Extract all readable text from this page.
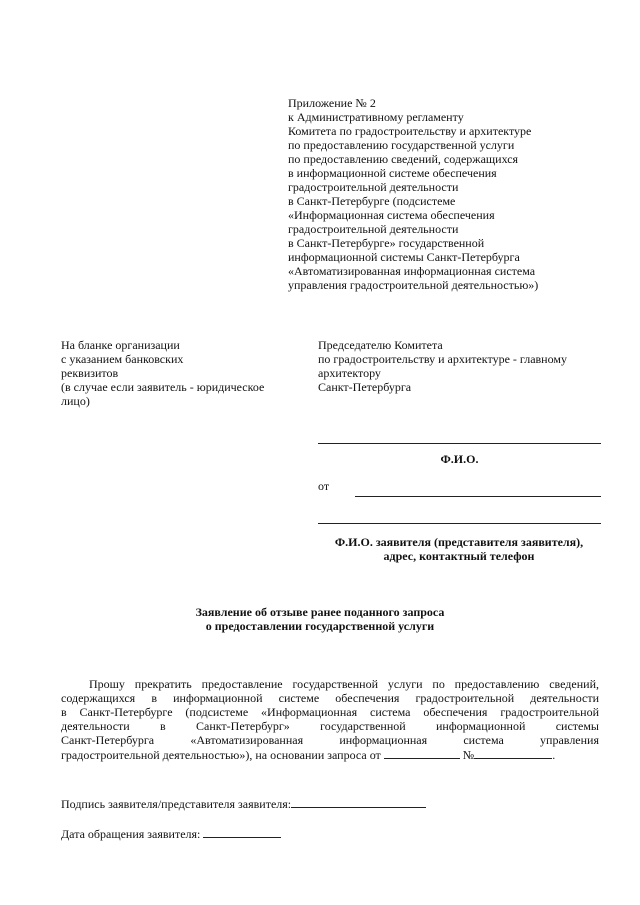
Приложение № 2
к Административному регламенту
Комитета по градостроительству и архитектуре
по предоставлению государственной услуги
по предоставлению сведений, содержащихся
в информационной системе обеспечения
градостроительной деятельности
в Санкт-Петербурге (подсистеме
«Информационная система обеспечения
градостроительной деятельности
в Санкт-Петербурге» государственной
информационной системы Санкт-Петербурга
«Автоматизированная информационная система
управления градостроительной деятельностью»)
На бланке организации
с указанием банковских
реквизитов
(в случае если заявитель - юридическое
лицо)
Председателю Комитета
по градостроительству и архитектуре - главному
архитектору
Санкт-Петербурга
Ф.И.О.
от
Ф.И.О. заявителя (представителя заявителя),
адрес, контактный телефон
Заявление об отзыве ранее поданного запроса
о предоставлении государственной услуги
Прошу прекратить предоставление государственной услуги по предоставлению сведений,
содержащихся в информационной системе обеспечения градостроительной деятельности
в Санкт-Петербурге (подсистеме «Информационная система обеспечения градостроительной
деятельности в Санкт-Петербург» государственной информационной системы
Санкт-Петербурга «Автоматизированная информационная система управления
градостроительной деятельностью»), на основании запроса от	№	.
Подпись заявителя/представителя заявителя:
Дата обращения заявителя:
